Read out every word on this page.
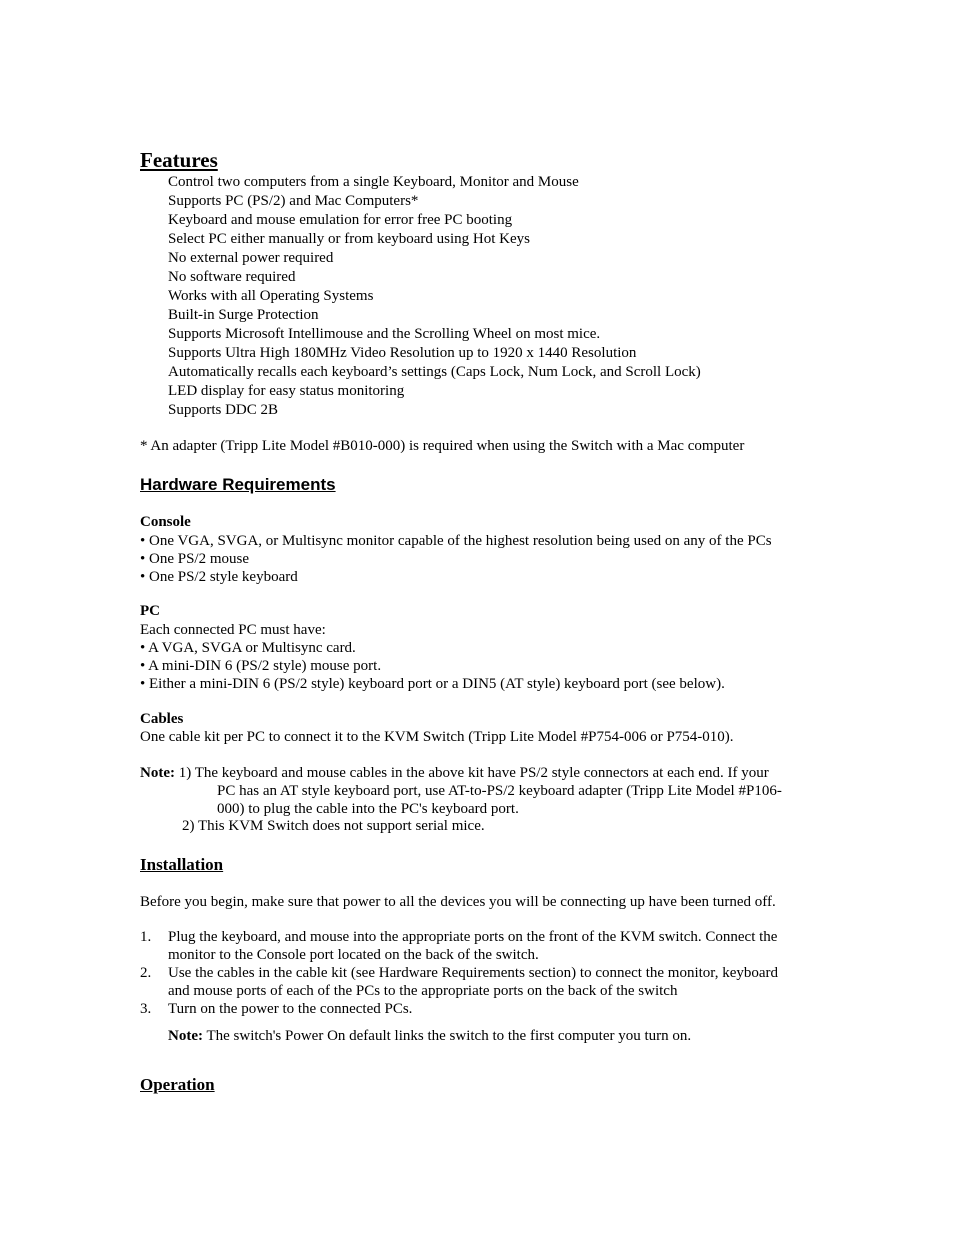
Features
Control two computers from a single Keyboard, Monitor and Mouse
Supports PC (PS/2) and Mac Computers*
Keyboard and mouse emulation for error free PC booting
Select PC either manually or from keyboard using Hot Keys
No external power required
No software required
Works with all Operating Systems
Built-in Surge Protection
Supports Microsoft Intellimouse and the Scrolling Wheel on most mice.
Supports Ultra High 180MHz Video Resolution up to 1920 x 1440 Resolution
Automatically recalls each keyboard’s settings (Caps Lock, Num Lock, and Scroll Lock)
LED display for easy status monitoring
Supports DDC 2B
* An adapter (Tripp Lite Model #B010-000) is required when using the Switch with a Mac computer
Hardware Requirements
Console
• One VGA, SVGA, or Multisync monitor capable of the highest resolution being used on any of the PCs
• One PS/2 mouse
• One PS/2 style keyboard
PC
Each connected PC must have:
• A VGA, SVGA or Multisync card.
• A mini-DIN 6 (PS/2 style) mouse port.
• Either a mini-DIN 6 (PS/2 style) keyboard port or a DIN5 (AT style) keyboard port (see below).
Cables
One cable kit per PC to connect it to the KVM Switch (Tripp Lite Model #P754-006 or P754-010).
Note: 1) The keyboard and mouse cables in the above kit have PS/2 style connectors at each end. If your
PC has an AT style keyboard port, use AT-to-PS/2 keyboard adapter (Tripp Lite Model #P106-
000) to plug the cable into the PC's keyboard port.
2) This KVM Switch does not support serial mice.
Installation
Before you begin, make sure that power to all the devices you will be connecting up have been turned off.
1. Plug the keyboard, and mouse into the appropriate ports on the front of the KVM switch. Connect the
monitor to the Console port located on the back of the switch.
2. Use the cables in the cable kit (see Hardware Requirements section) to connect the monitor, keyboard
and mouse ports of each of the PCs to the appropriate ports on the back of the switch
3. Turn on the power to the connected PCs.
Note: The switch's Power On default links the switch to the first computer you turn on.
Operation
